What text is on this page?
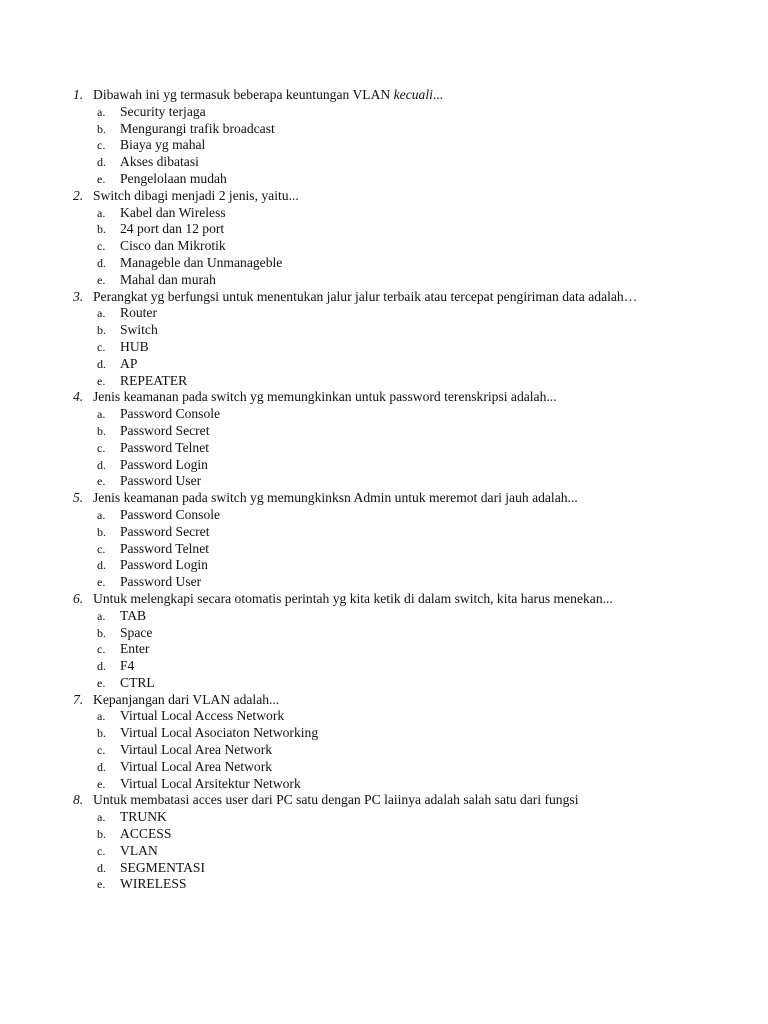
1. Dibawah ini yg termasuk beberapa keuntungan VLAN kecuali...
a. Security terjaga
b. Mengurangi trafik broadcast
c. Biaya yg mahal
d. Akses dibatasi
e. Pengelolaan mudah
2. Switch dibagi menjadi 2 jenis, yaitu...
a. Kabel dan Wireless
b. 24 port dan 12 port
c. Cisco dan Mikrotik
d. Manageble dan Unmanageble
e. Mahal dan murah
3. Perangkat yg berfungsi untuk menentukan jalur jalur terbaik atau tercepat pengiriman data adalah…
a. Router
b. Switch
c. HUB
d. AP
e. REPEATER
4. Jenis keamanan pada switch yg memungkinkan untuk password terenskripsi adalah...
a. Password Console
b. Password Secret
c. Password Telnet
d. Password Login
e. Password User
5. Jenis keamanan pada switch yg memungkinksn Admin untuk meremot dari jauh adalah...
a. Password Console
b. Password Secret
c. Password Telnet
d. Password Login
e. Password User
6. Untuk melengkapi secara otomatis perintah yg kita ketik di dalam switch, kita harus menekan...
a. TAB
b. Space
c. Enter
d. F4
e. CTRL
7. Kepanjangan dari VLAN adalah...
a. Virtual Local Access Network
b. Virtual Local Asociaton Networking
c. Virtaul Local Area Network
d. Virtual Local Area Network
e. Virtual Local Arsitektur Network
8. Untuk membatasi acces user dari PC satu dengan PC laiinya adalah salah satu dari fungsi
a. TRUNK
b. ACCESS
c. VLAN
d. SEGMENTASI
e. WIRELESS
